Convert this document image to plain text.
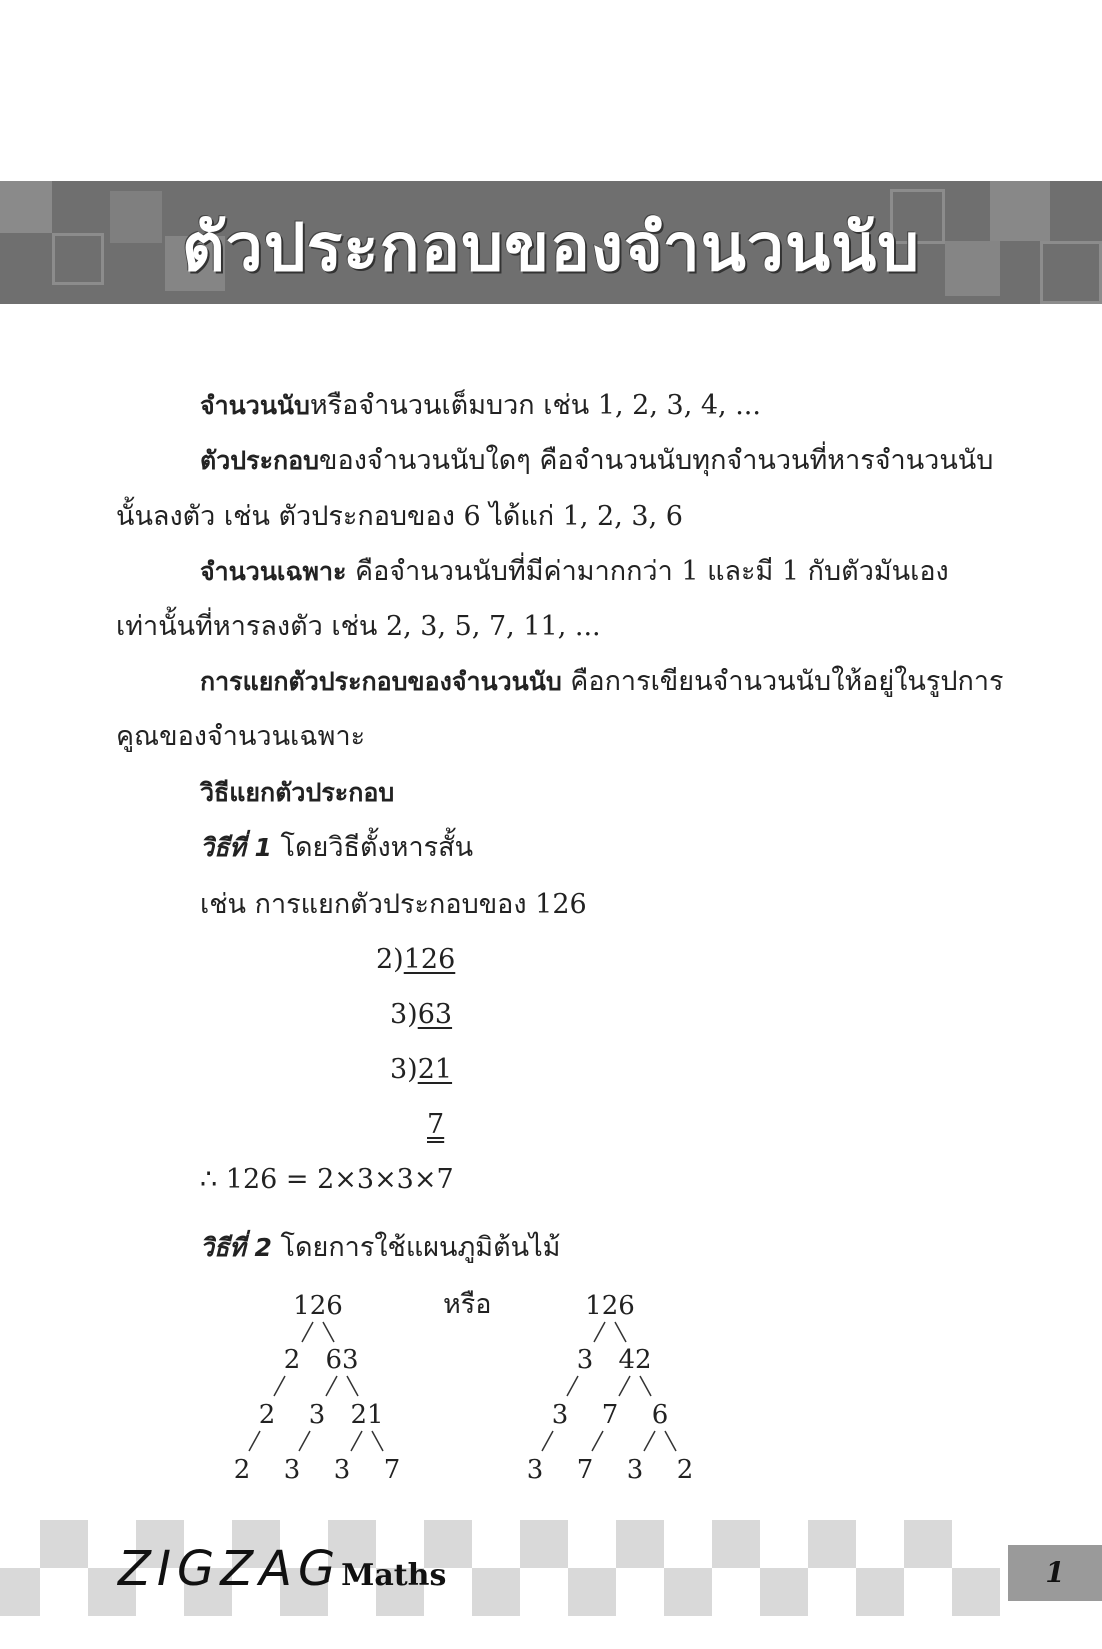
ตัวประกอบของจำนวนนับ
จำนวนนับหรือจำนวนเต็มบวก เช่น 1, 2, 3, 4, ...
ตัวประกอบของจำนวนนับใดๆ คือจำนวนนับทุกจำนวนที่หารจำนวนนับ
นั้นลงตัว เช่น ตัวประกอบของ 6 ได้แก่ 1, 2, 3, 6
จำนวนเฉพาะ คือจำนวนนับที่มีค่ามากกว่า 1 และมี 1 กับตัวมันเอง
เท่านั้นที่หารลงตัว เช่น 2, 3, 5, 7, 11, ...
การแยกตัวประกอบของจำนวนนับ คือการเขียนจำนวนนับให้อยู่ในรูปการ
คูณของจำนวนเฉพาะ
วิธีแยกตัวประกอบ
วิธีที่ 1 โดยวิธีตั้งหารสั้น
เช่น การแยกตัวประกอบของ 126
2)126
3)63
3)21
7
∴ 126 = 2×3×3×7
วิธีที่ 2 โดยการใช้แผนภูมิต้นไม้
หรือ
126
2 63
2 3 21
2 3 3 7
126
3 42
3 7 6
3 7 3 2
ZIGZAGMaths	1
